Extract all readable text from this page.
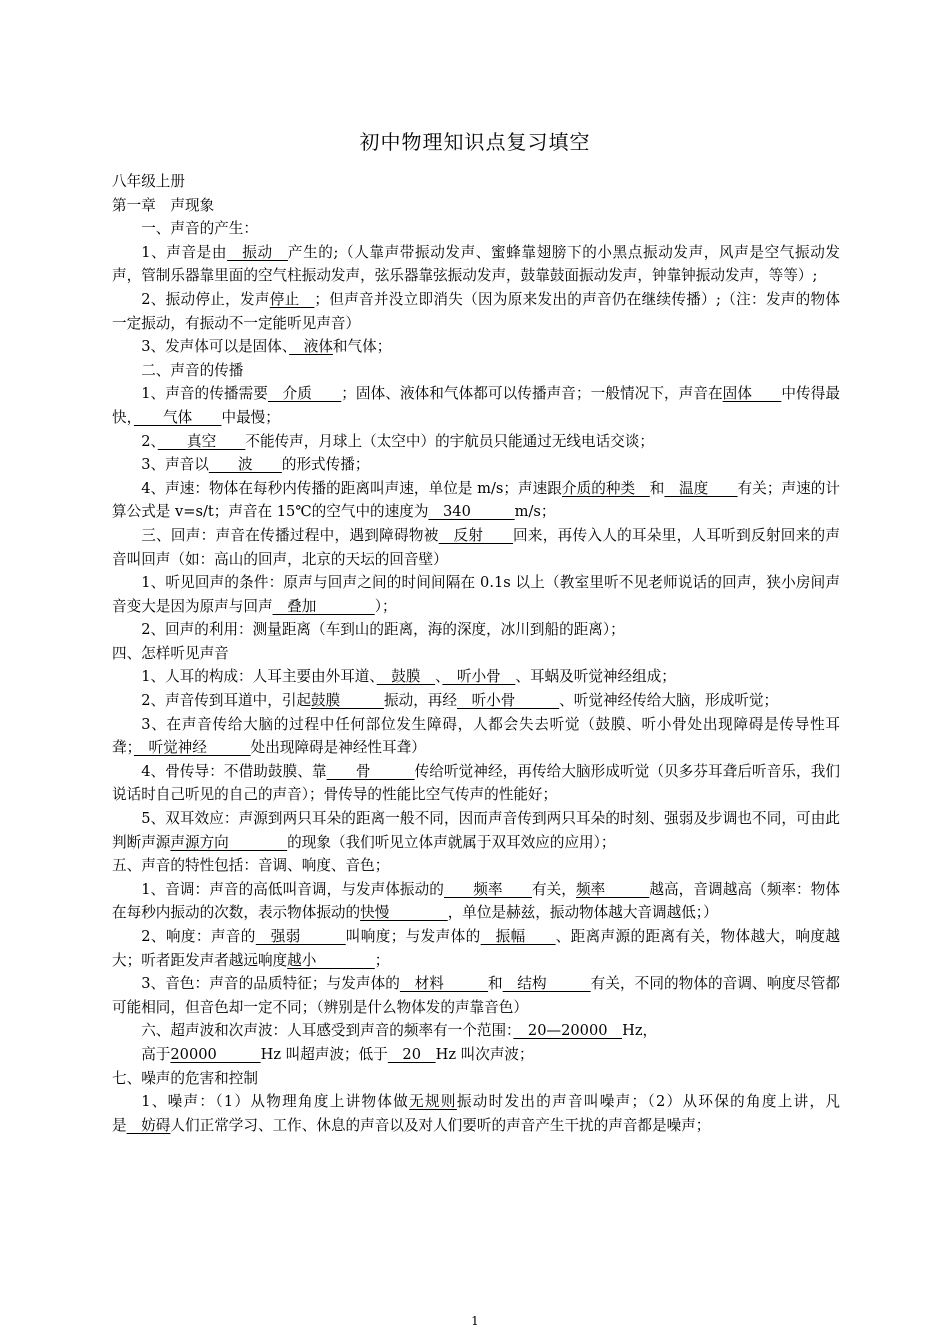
初中物理知识点复习填空

八年级上册

第一章　声现象

一、声音的产生：

1、声音是由　振动　产生的;（人靠声带振动发声、蜜蜂靠翅膀下的小黑点振动发声，风声是空气振动发声，管制乐器靠里面的空气柱振动发声，弦乐器靠弦振动发声，鼓靠鼓面振动发声，钟靠钟振动发声，等等）;

2、振动停止，发声停止　；但声音并没立即消失（因为原来发出的声音仍在继续传播）;（注：发声的物体一定振动，有振动不一定能听见声音）

3、发声体可以是固体、　液体和气体；

二、声音的传播

1、声音的传播需要　介质　　；固体、液体和气体都可以传播声音；一般情况下，声音在固体　　中传得最快，　　气体　　中最慢；

2、　　真空　　不能传声，月球上（太空中）的宇航员只能通过无线电话交谈；

3、声音以　　波　　的形式传播；

4、声速：物体在每秒内传播的距离叫声速，单位是 m/s；声速跟介质的种类　和　温度　　有关；声速的计算公式是 v=s/t；声音在 15℃的空气中的速度为　340　　　m/s；

三、回声：声音在传播过程中，遇到障碍物被　反射　　回来，再传入人的耳朵里，人耳听到反射回来的声音叫回声（如：高山的回声，北京的天坛的回音壁）

1、听见回声的条件：原声与回声之间的时间间隔在 0.1s 以上（教室里听不见老师说话的回声，狭小房间声音变大是因为原声与回声　叠加　　　　）；

2、回声的利用：测量距离（车到山的距离，海的深度，冰川到船的距离）；

四、怎样听见声音

1、人耳的构成：人耳主要由外耳道、　鼓膜　、　听小骨　、耳蜗及听觉神经组成；

2、声音传到耳道中，引起鼓膜　　　振动，再经　听小骨　　　、听觉神经传给大脑，形成听觉；

3、在声音传给大脑的过程中任何部位发生障碍，人都会失去听觉（鼓膜、听小骨处出现障碍是传导性耳聋；　听觉神经　　　处出现障碍是神经性耳聋）

4、骨传导：不借助鼓膜、靠　　骨　　　传给听觉神经，再传给大脑形成听觉（贝多芬耳聋后听音乐，我们说话时自己听见的自己的声音）；骨传导的性能比空气传声的性能好；

5、双耳效应：声源到两只耳朵的距离一般不同，因而声音传到两只耳朵的时刻、强弱及步调也不同，可由此判断声源声源方向　　　　的现象（我们听见立体声就属于双耳效应的应用）；

五、声音的特性包括：音调、响度、音色；

1、音调：声音的高低叫音调，与发声体振动的　　频率　　有关，频率　　　越高，音调越高（频率：物体在每秒内振动的次数，表示物体振动的快慢　　　　，单位是赫兹，振动物体越大音调越低；）

2、响度：声音的　强弱　　　叫响度；与发声体的　振幅　　、距离声源的距离有关，物体越大，响度越大；听者距发声者越远响度越小　　　　；

3、音色：声音的品质特征；与发声体的　材料　　　和　结构　　　有关，不同的物体的音调、响度尽管都可能相同，但音色却一定不同；（辨别是什么物体发的声靠音色）

六、超声波和次声波：人耳感受到声音的频率有一个范围：　20—20000　Hz，

高于20000　　　Hz 叫超声波；低于　20　Hz 叫次声波；

七、噪声的危害和控制

1、噪声：（1）从物理角度上讲物体做无规则振动时发出的声音叫噪声；（2）从环保的角度上讲，凡是　妨碍人们正常学习、工作、休息的声音以及对人们要听的声音产生干扰的声音都是噪声；

1
